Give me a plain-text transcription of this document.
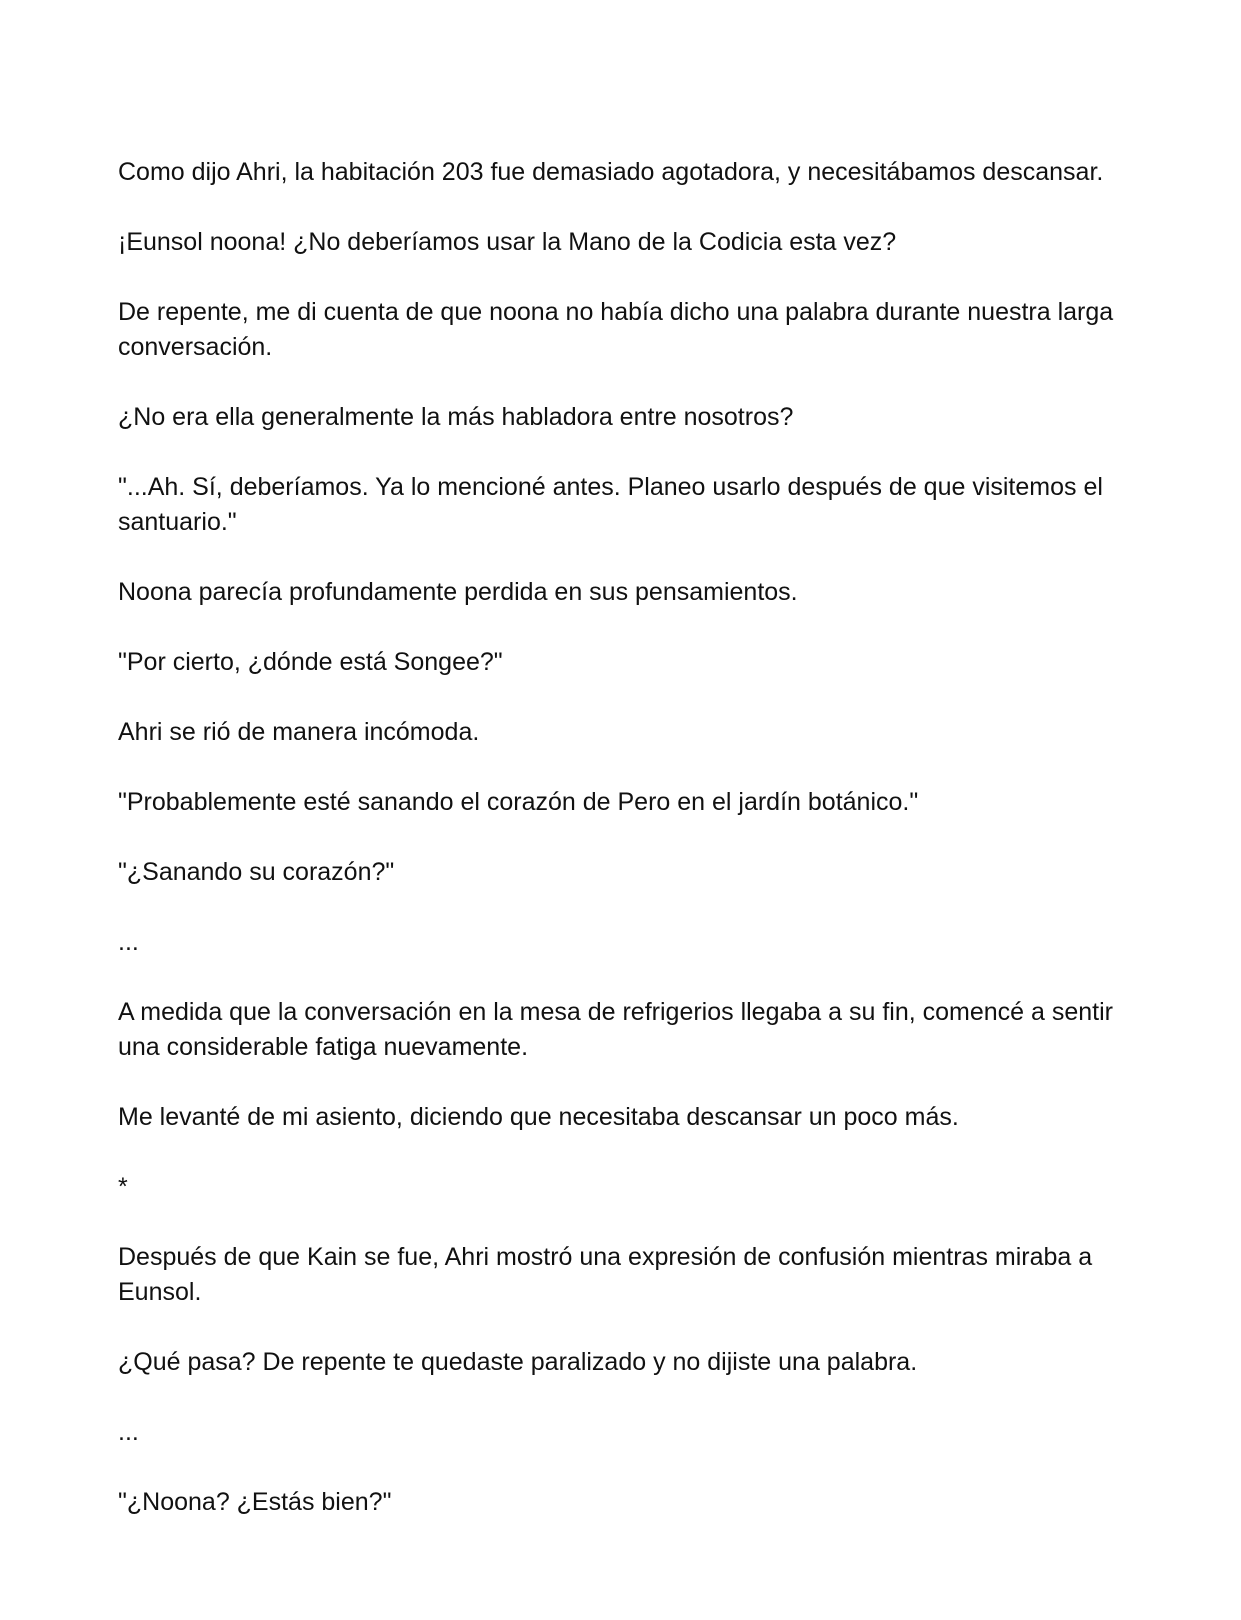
Como dijo Ahri, la habitación 203 fue demasiado agotadora, y necesitábamos descansar.

¡Eunsol noona! ¿No deberíamos usar la Mano de la Codicia esta vez?

De repente, me di cuenta de que noona no había dicho una palabra durante nuestra larga conversación.

¿No era ella generalmente la más habladora entre nosotros?

"...Ah. Sí, deberíamos. Ya lo mencioné antes. Planeo usarlo después de que visitemos el santuario."

Noona parecía profundamente perdida en sus pensamientos.

"Por cierto, ¿dónde está Songee?"

Ahri se rió de manera incómoda.

"Probablemente esté sanando el corazón de Pero en el jardín botánico."

"¿Sanando su corazón?"

...

A medida que la conversación en la mesa de refrigerios llegaba a su fin, comencé a sentir una considerable fatiga nuevamente.

Me levanté de mi asiento, diciendo que necesitaba descansar un poco más.

*

Después de que Kain se fue, Ahri mostró una expresión de confusión mientras miraba a Eunsol.

¿Qué pasa? De repente te quedaste paralizado y no dijiste una palabra.

...

"¿Noona? ¿Estás bien?"
